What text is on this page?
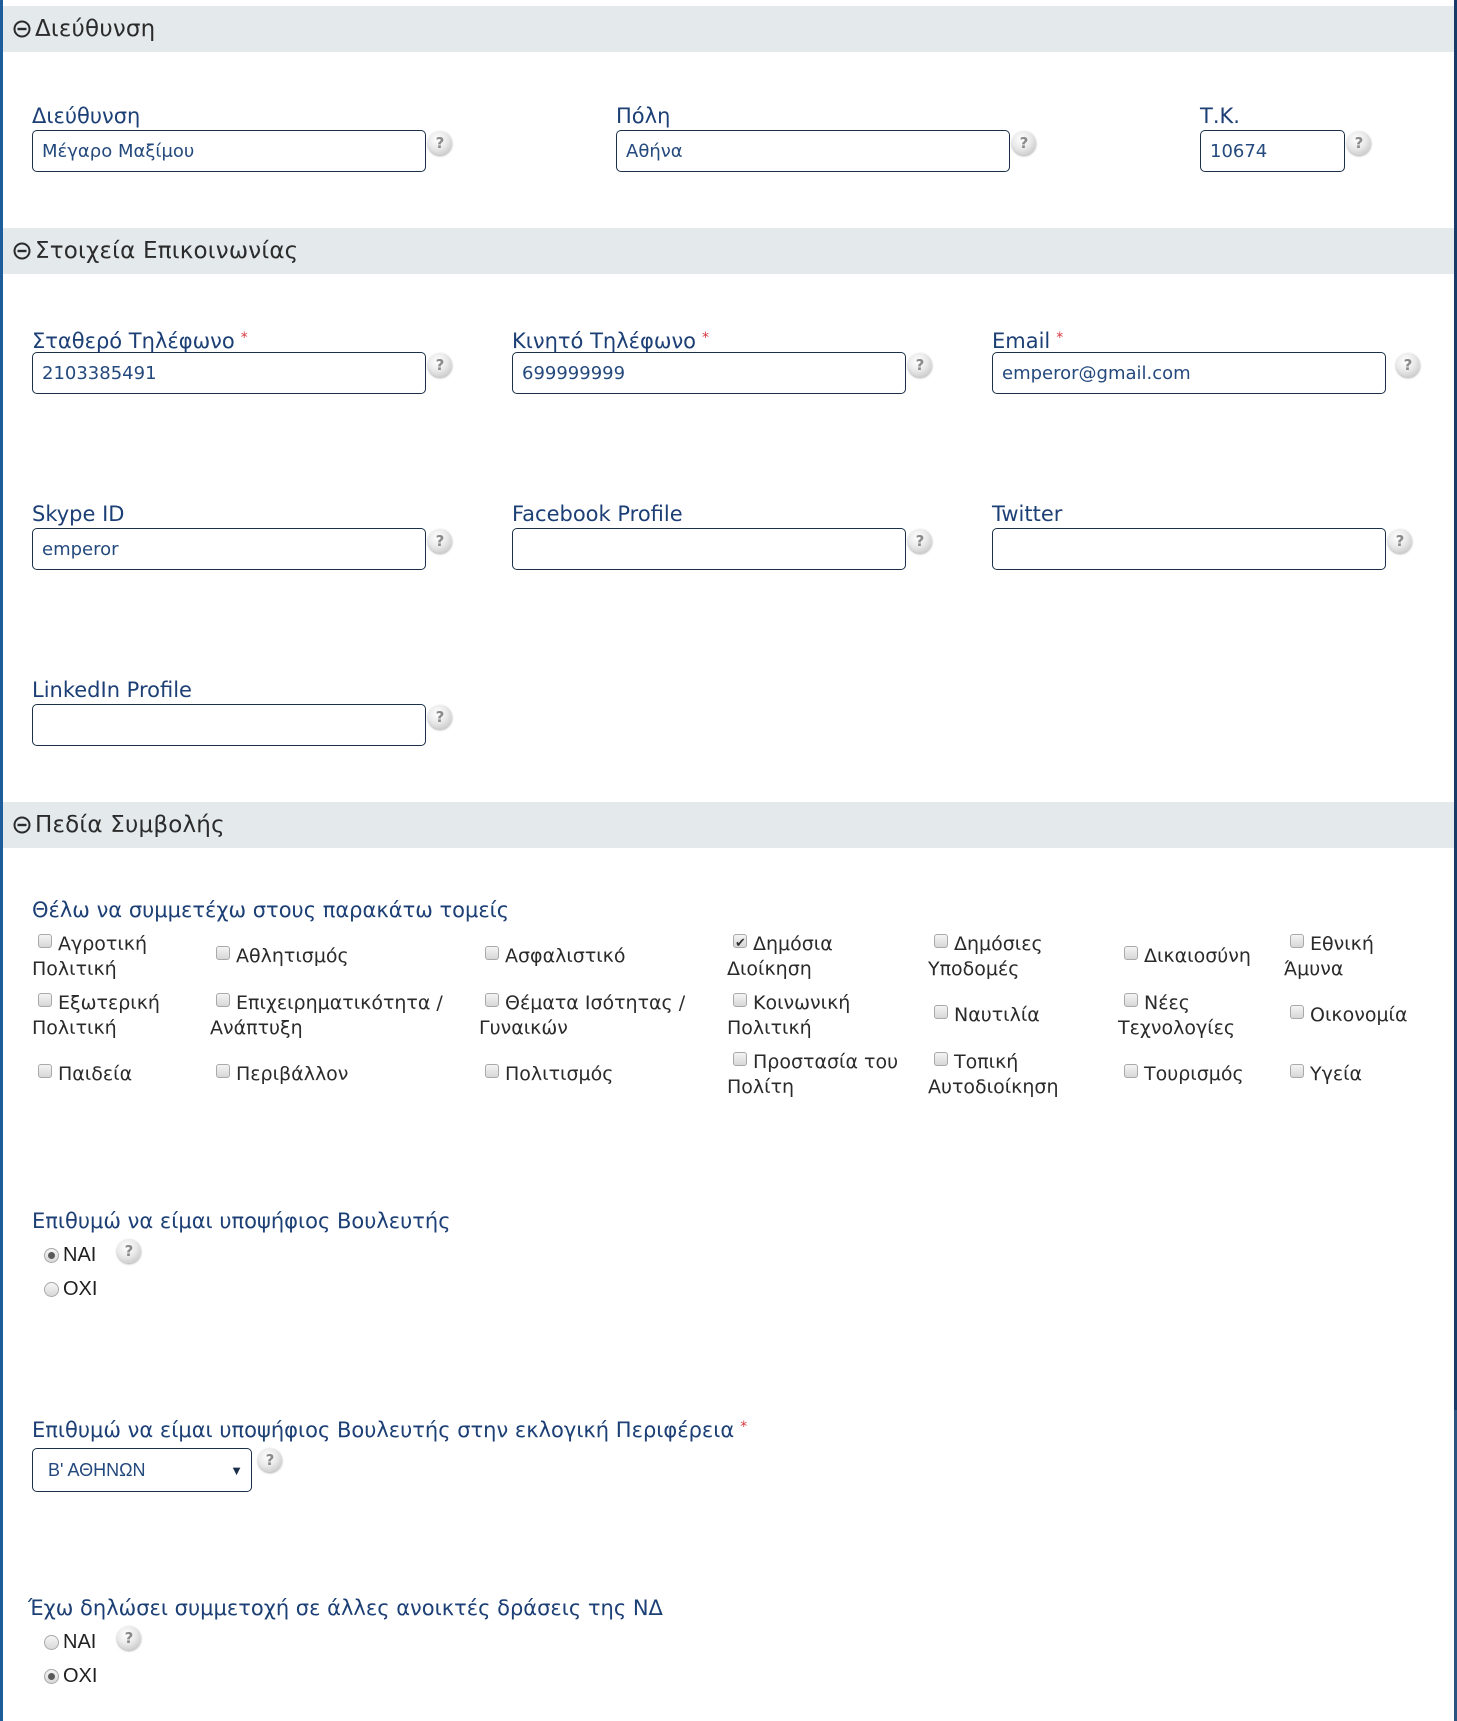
Διεύθυνση
Διεύθυνση
Μέγαρο Μαξίμου
?
Πόλη
Αθήνα
?
Τ.Κ.
10674
?
Στοιχεία Επικοινωνίας
Σταθερό Τηλέφωνο *
2103385491
?
Κινητό Τηλέφωνο *
699999999
?
Email *
emperor@gmail.com
?
Skype ID
emperor
?
Facebook Profile
?
Twitter
?
LinkedIn Profile
?
Πεδία Συμβολής
Θέλω να συμμετέχω στους παρακάτω τομείς
Αγροτική Πολιτική
Αθλητισμός	Ασφαλιστικό
✔Δημόσια Διοίκηση
Δημόσιες Υποδομές
Δικαιοσύνη
Εθνική Άμυνα
Εξωτερική Πολιτική
Επιχειρηματικότητα / Ανάπτυξη
Θέματα Ισότητας / Γυναικών
Κοινωνική Πολιτική
Ναυτιλία
Νέες Τεχνολογίες
Οικονομία
Παιδεία	Περιβάλλον	Πολιτισμός
Προστασία του Πολίτη
Τοπική Αυτοδιοίκηση
Τουρισμός	Υγεία
Επιθυμώ να είμαι υποψήφιος Βουλευτής
ΝΑΙ	?
ΟΧΙ
Επιθυμώ να είμαι υποψήφιος Βουλευτής στην εκλογική Περιφέρεια *
Β' ΑΘΗΝΩΝ	▼
?
Έχω δηλώσει συμμετοχή σε άλλες ανοικτές δράσεις της ΝΔ
ΝΑΙ	?
ΟΧΙ
